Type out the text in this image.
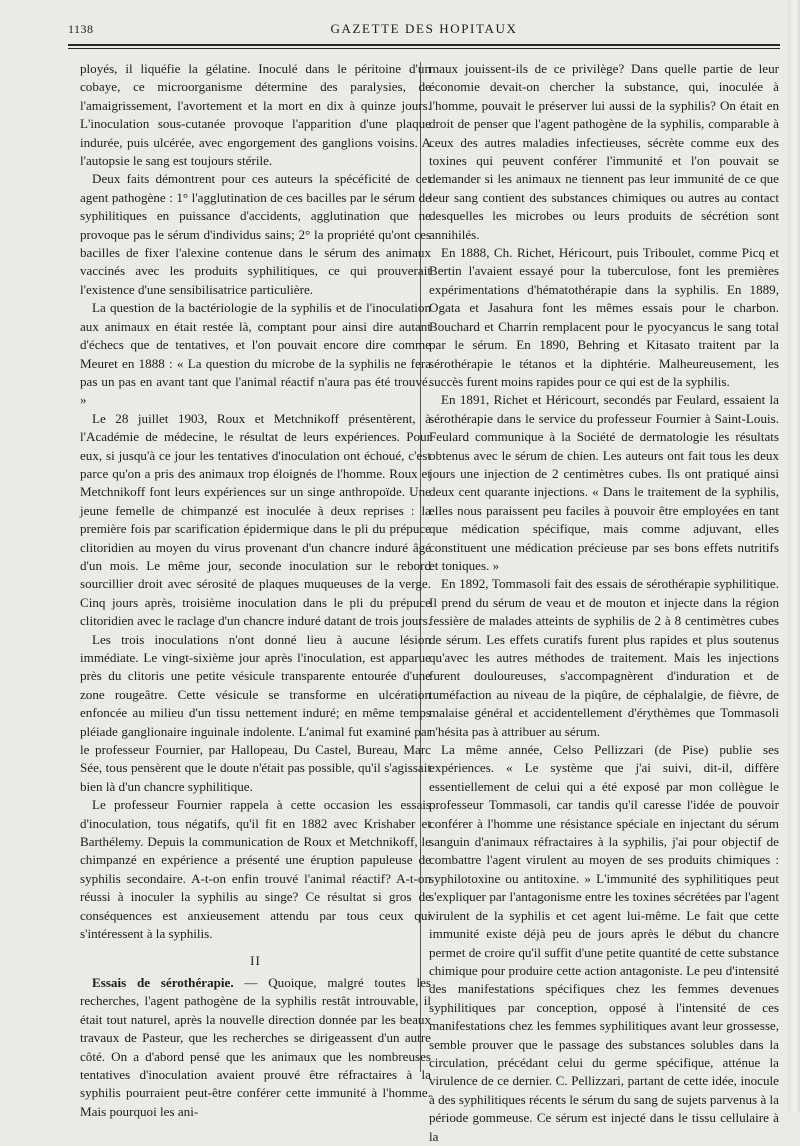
1138	GAZETTE DES HOPITAUX

ployés, il liquéfie la gélatine. Inoculé dans le péritoine d'un cobaye, ce microorganisme détermine des paralysies, de l'amaigrissement, l'avortement et la mort en dix à quinze jours. L'inoculation sous-cutanée provoque l'apparition d'une plaque indurée, puis ulcérée, avec engorgement des ganglions voisins. A l'autopsie le sang est toujours stérile.

Deux faits démontrent pour ces auteurs la spécéficité de cet agent pathogène : 1° l'agglutination de ces bacilles par le sérum de syphilitiques en puissance d'accidents, agglutination que ne provoque pas le sérum d'individus sains; 2° la propriété qu'ont ces bacilles de fixer l'alexine contenue dans le sérum des animaux vaccinés avec les produits syphilitiques, ce qui prouverait l'existence d'une sensibilisatrice particulière.

La question de la bactériologie de la syphilis et de l'inoculation aux animaux en était restée là, comptant pour ainsi dire autant d'échecs que de tentatives, et l'on pouvait encore dire comme Meuret en 1888 : « La question du microbe de la syphilis ne fera pas un pas en avant tant que l'animal réactif n'aura pas été trouvé. »

Le 28 juillet 1903, Roux et Metchnikoff présentèrent, à l'Académie de médecine, le résultat de leurs expériences. Pour eux, si jusqu'à ce jour les tentatives d'inoculation ont échoué, c'est parce qu'on a pris des animaux trop éloignés de l'homme. Roux et Metchnikoff font leurs expériences sur un singe anthropoïde. Une jeune femelle de chimpanzé est inoculée à deux reprises : la première fois par scarification épidermique dans le pli du prépuce clitoridien au moyen du virus provenant d'un chancre induré âgé d'un mois. Le même jour, seconde inoculation sur le rebord sourcillier droit avec sérosité de plaques muqueuses de la verge. Cinq jours après, troisième inoculation dans le pli du prépuce clitoridien avec le raclage d'un chancre induré datant de trois jours.

Les trois inoculations n'ont donné lieu à aucune lésion immédiate. Le vingt-sixième jour après l'inoculation, est apparue près du clitoris une petite vésicule transparente entourée d'une zone rougeâtre. Cette vésicule se transforme en ulcération enfoncée au milieu d'un tissu nettement induré; en même temps pléiade ganglionaire inguinale indolente. L'animal fut examiné par le professeur Fournier, par Hallopeau, Du Castel, Bureau, Marc Sée, tous pensèrent que le doute n'était pas possible, qu'il s'agissait bien là d'un chancre syphilitique.

Le professeur Fournier rappela à cette occasion les essais d'inoculation, tous négatifs, qu'il fit en 1882 avec Krishaber et Barthélemy. Depuis la communication de Roux et Metchnikoff, le chimpanzé en expérience a présenté une éruption papuleuse de syphilis secondaire. A-t-on enfin trouvé l'animal réactif? A-t-on réussi à inoculer la syphilis au singe? Ce résultat si gros de conséquences est anxieusement attendu par tous ceux qui s'intéressent à la syphilis.

II

Essais de sérothérapie. — Quoique, malgré toutes les recherches, l'agent pathogène de la syphilis restât introuvable, il était tout naturel, après la nouvelle direction donnée par les beaux travaux de Pasteur, que les recherches se dirigeassent d'un autre côté. On a d'abord pensé que les animaux que les nombreuses tentatives d'inoculation avaient prouvé être réfractaires à la syphilis pourraient peut-être conférer cette immunité à l'homme. Mais pourquoi les ani-

maux jouissent-ils de ce privilège? Dans quelle partie de leur économie devait-on chercher la substance, qui, inoculée à l'homme, pouvait le préserver lui aussi de la syphilis? On était en droit de penser que l'agent pathogène de la syphilis, comparable à ceux des autres maladies infectieuses, sécrète comme eux des toxines qui peuvent conférer l'immunité et l'on pouvait se demander si les animaux ne tiennent pas leur immunité de ce que leur sang contient des substances chimiques ou autres au contact desquelles les microbes ou leurs produits de sécrétion sont annihilés.

En 1888, Ch. Richet, Héricourt, puis Triboulet, comme Picq et Bertin l'avaient essayé pour la tuberculose, font les premières expérimentations d'hématothérapie dans la syphilis. En 1889, Ogata et Jasahura font les mêmes essais pour le charbon. Bouchard et Charrin remplacent pour le pyocyancus le sang total par le sérum. En 1890, Behring et Kitasato traitent par la sérothérapie le tétanos et la diphtérie. Malheureusement, les succès furent moins rapides pour ce qui est de la syphilis.

En 1891, Richet et Héricourt, secondés par Feulard, essaient la sérothérapie dans le service du professeur Fournier à Saint-Louis. Feulard communique à la Société de dermatologie les résultats obtenus avec le sérum de chien. Les auteurs ont fait tous les deux jours une injection de 2 centimètres cubes. Ils ont pratiqué ainsi deux cent quarante injections. « Dans le traitement de la syphilis, elles nous paraissent peu faciles à pouvoir être employées en tant que médication spécifique, mais comme adjuvant, elles constituent une médication précieuse par ses bons effets nutritifs et toniques. »

En 1892, Tommasoli fait des essais de sérothérapie syphilitique. Il prend du sérum de veau et de mouton et injecte dans la région fessière de malades atteints de syphilis de 2 à 8 centimètres cubes de sérum. Les effets curatifs furent plus rapides et plus soutenus qu'avec les autres méthodes de traitement. Mais les injections furent douloureuses, s'accompagnèrent d'induration et de tuméfaction au niveau de la piqûre, de céphalalgie, de fièvre, de malaise général et accidentellement d'érythèmes que Tommasoli n'hésita pas à attribuer au sérum.

La même année, Celso Pellizzari (de Pise) publie ses expériences. « Le système que j'ai suivi, dit-il, diffère essentiellement de celui qui a été exposé par mon collègue le professeur Tommasoli, car tandis qu'il caresse l'idée de pouvoir conférer à l'homme une résistance spéciale en injectant du sérum sanguin d'animaux réfractaires à la syphilis, j'ai pour objectif de combattre l'agent virulent au moyen de ses produits chimiques : syphilotoxine ou antitoxine. » L'immunité des syphilitiques peut s'expliquer par l'antagonisme entre les toxines sécrétées par l'agent virulent de la syphilis et cet agent lui-même. Le fait que cette immunité existe déjà peu de jours après le début du chancre permet de croire qu'il suffit d'une petite quantité de cette substance chimique pour produire cette action antagoniste. Le peu d'intensité des manifestations spécifiques chez les femmes devenues syphilitiques par conception, opposé à l'intensité de ces manifestations chez les femmes syphilitiques avant leur grossesse, semble prouver que le passage des substances solubles dans la circulation, précédant celui du germe spécifique, atténue la virulence de ce dernier. C. Pellizzari, partant de cette idée, inocule à des syphilitiques récents le sérum du sang de sujets parvenus à la période gommeuse. Ce sérum est injecté dans le tissu cellulaire à la
